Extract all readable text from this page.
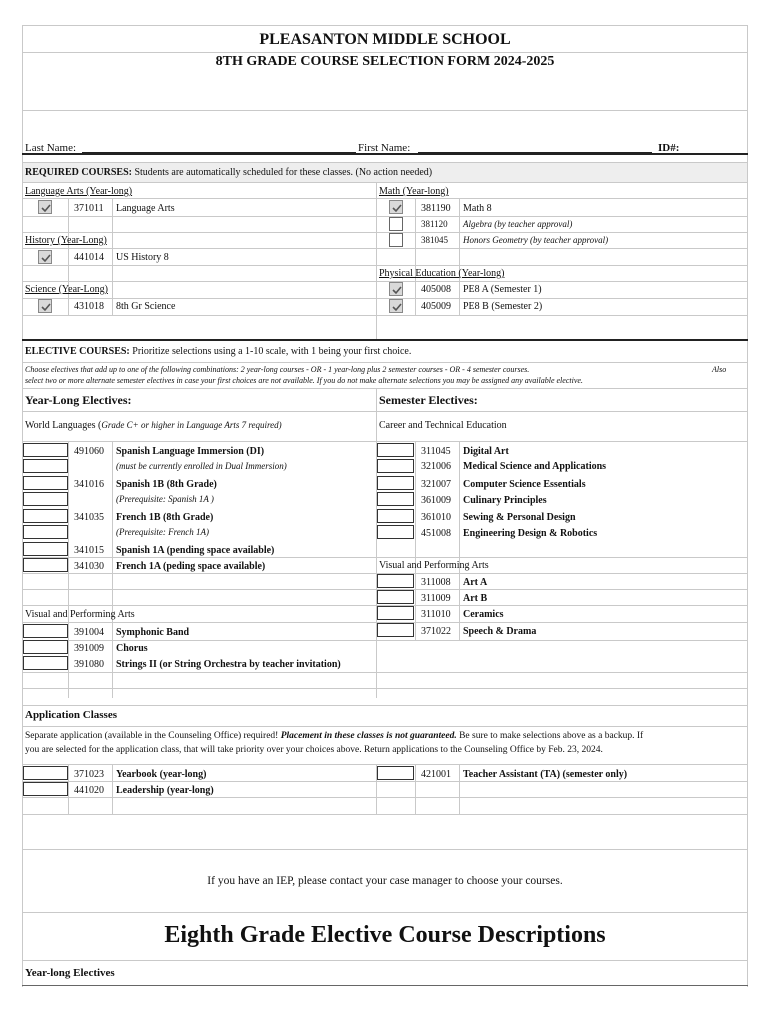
PLEASANTON MIDDLE SCHOOL
8TH GRADE COURSE SELECTION FORM 2024-2025
Last Name:	First Name:	ID#:
REQUIRED COURSES: Students are automatically scheduled for these classes. (No action needed)
Language Arts (Year-long)
371011 Language Arts
History (Year-Long)
441014 US History 8
Science (Year-Long)
431018 8th Gr Science
Math (Year-long)
381190 Math 8
381120 Algebra (by teacher approval)
381045 Honors Geometry (by teacher approval)
Physical Education (Year-long)
405008 PE8 A (Semester 1)
405009 PE8 B (Semester 2)
ELECTIVE COURSES: Prioritize selections using a 1-10 scale, with 1 being your first choice.
Choose electives that add up to one of the following combinations: 2 year-long courses - OR - 1 year-long plus 2 semester courses - OR - 4 semester courses.	Also
select two or more alternate semester electives in case your first choices are not available. If you do not make alternate selections you may be assigned any available elective.
Year-Long Electives:	Semester Electives:
World Languages (Grade C+ or higher in Language Arts 7 required)	Career and Technical Education
491060 Spanish Language Immersion (DI)
(must be currently enrolled in Dual Immersion)
341016 Spanish 1B (8th Grade)
(Prerequisite: Spanish 1A )
341035 French 1B (8th Grade)
(Prerequisite: French 1A)
341015 Spanish 1A (pending space available)
341030 French 1A (peding space available)
Visual and Performing Arts
391004 Symphonic Band
391009 Chorus
391080 Strings II (or String Orchestra by teacher invitation)
311045 Digital Art
321006 Medical Science and Applications
321007 Computer Science Essentials
361009 Culinary Principles
361010 Sewing & Personal Design
451008 Engineering Design & Robotics
Visual and Performing Arts
311008 Art A
311009 Art B
311010 Ceramics
371022 Speech & Drama
Application Classes
Separate application (available in the Counseling Office) required! Placement in these classes is not guaranteed. Be sure to make selections above as a backup. If
you are selected for the application class, that will take priority over your choices above. Return applications to the Counseling Office by Feb. 23, 2024.
371023 Yearbook (year-long)
441020 Leadership (year-long)
421001 Teacher Assistant (TA) (semester only)
If you have an IEP, please contact your case manager to choose your courses.
Eighth Grade Elective Course Descriptions
Year-long Electives
